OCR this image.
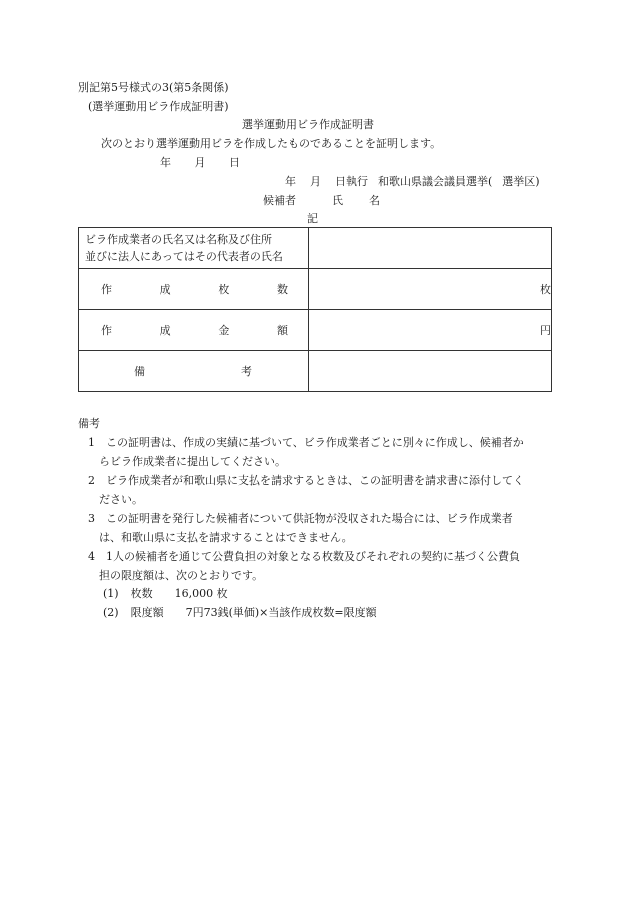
別記第5号様式の3(第5条関係)
(選挙運動用ビラ作成証明書)
選挙運動用ビラ作成証明書
次のとおり選挙運動用ビラを作成したものであることを証明します。
年 月 日
年 月 日執行 和歌山県議会議員選挙( 選挙区)
候補者	氏 名
記
ビラ作成業者の氏名又は名称及び住所
並びに法人にあってはその代表者の氏名	

作 成 枚 数	枚

作 成 金 額	円

備 考	

備考
1　この証明書は、作成の実績に基づいて、ビラ作成業者ごとに別々に作成し、候補者か
らビラ作成業者に提出してください。
2　ビラ作成業者が和歌山県に支払を請求するときは、この証明書を請求書に添付してく
ださい。
3　この証明書を発行した候補者について供託物が没収された場合には、ビラ作成業者
は、和歌山県に支払を請求することはできません。
4　1人の候補者を通じて公費負担の対象となる枚数及びそれぞれの契約に基づく公費負
担の限度額は、次のとおりです。
(1) 枚数 16,000 枚
(2) 限度額 7円73銭(単価)×当該作成枚数=限度額
